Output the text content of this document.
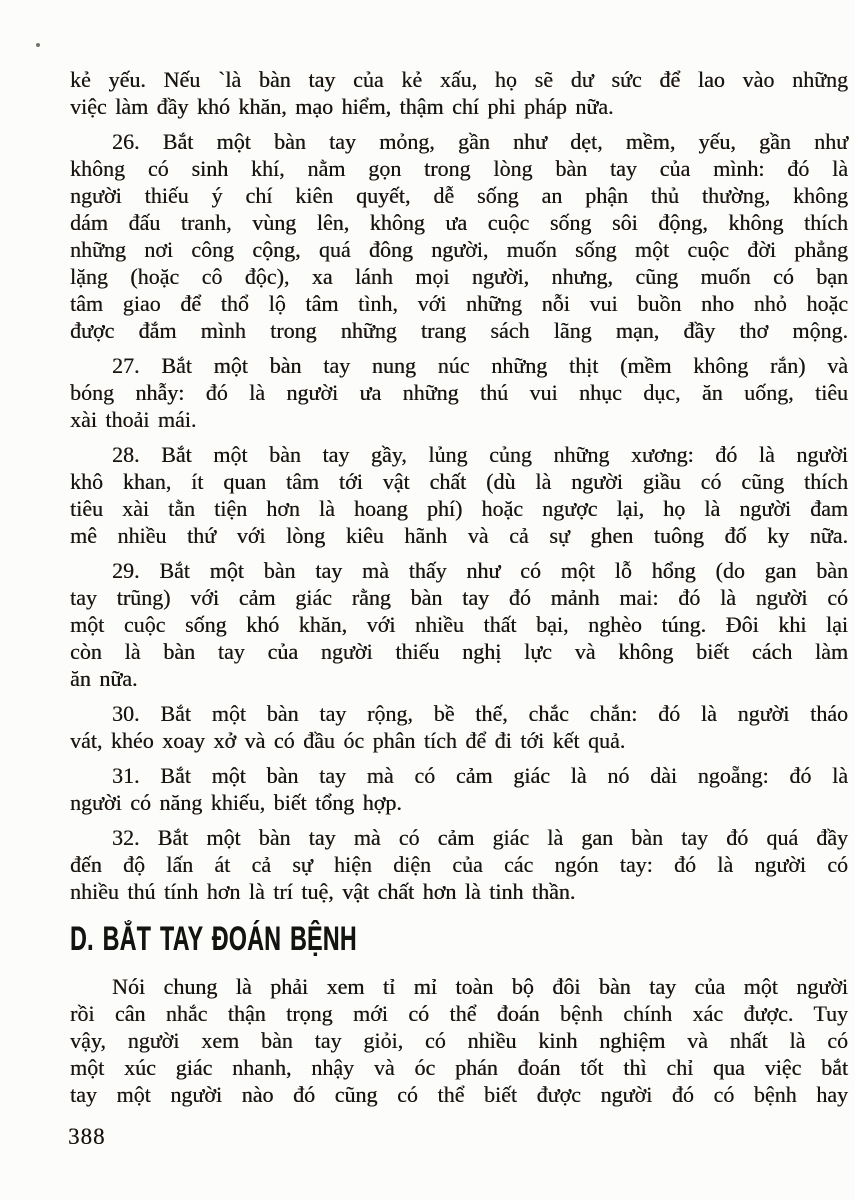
kẻ yếu. Nếu `là bàn tay của kẻ xấu, họ sẽ dư sức để lao vào những
việc làm đầy khó khăn, mạo hiểm, thậm chí phi pháp nữa.

26. Bắt một bàn tay mỏng, gần như dẹt, mềm, yếu, gần như
không có sinh khí, nằm gọn trong lòng bàn tay của mình: đó là
người thiếu ý chí kiên quyết, dễ sống an phận thủ thường, không
dám đấu tranh, vùng lên, không ưa cuộc sống sôi động, không thích
những nơi công cộng, quá đông người, muốn sống một cuộc đời phẳng
lặng (hoặc cô độc), xa lánh mọi người, nhưng, cũng muốn có bạn
tâm giao để thổ lộ tâm tình, với những nỗi vui buồn nho nhỏ hoặc
được đắm mình trong những trang sách lãng mạn, đầy thơ mộng.

27. Bắt một bàn tay nung núc những thịt (mềm không rắn) và
bóng nhẫy: đó là người ưa những thú vui nhục dục, ăn uống, tiêu
xài thoải mái.

28. Bắt một bàn tay gầy, lủng củng những xương: đó là người
khô khan, ít quan tâm tới vật chất (dù là người giầu có cũng thích
tiêu xài tằn tiện hơn là hoang phí) hoặc ngược lại, họ là người đam
mê nhiều thứ với lòng kiêu hãnh và cả sự ghen tuông đố ky nữa.

29. Bắt một bàn tay mà thấy như có một lỗ hổng (do gan bàn
tay trũng) với cảm giác rằng bàn tay đó mảnh mai: đó là người có
một cuộc sống khó khăn, với nhiều thất bại, nghèo túng. Đôi khi lại
còn là bàn tay của người thiếu nghị lực và không biết cách làm
ăn nữa.

30. Bắt một bàn tay rộng, bề thế, chắc chắn: đó là người tháo
vát, khéo xoay xở và có đầu óc phân tích để đi tới kết quả.

31. Bắt một bàn tay mà có cảm giác là nó dài ngoẵng: đó là
người có năng khiếu, biết tổng hợp.

32. Bắt một bàn tay mà có cảm giác là gan bàn tay đó quá đầy
đến độ lấn át cả sự hiện diện của các ngón tay: đó là người có
nhiều thú tính hơn là trí tuệ, vật chất hơn là tinh thần.

D. BẮT TAY ĐOÁN BỆNH

Nói chung là phải xem tỉ mỉ toàn bộ đôi bàn tay của một người
rồi cân nhắc thận trọng mới có thể đoán bệnh chính xác được. Tuy
vậy, người xem bàn tay giỏi, có nhiều kinh nghiệm và nhất là có
một xúc giác nhanh, nhậy và óc phán đoán tốt thì chỉ qua việc bắt
tay một người nào đó cũng có thể biết được người đó có bệnh hay

388
